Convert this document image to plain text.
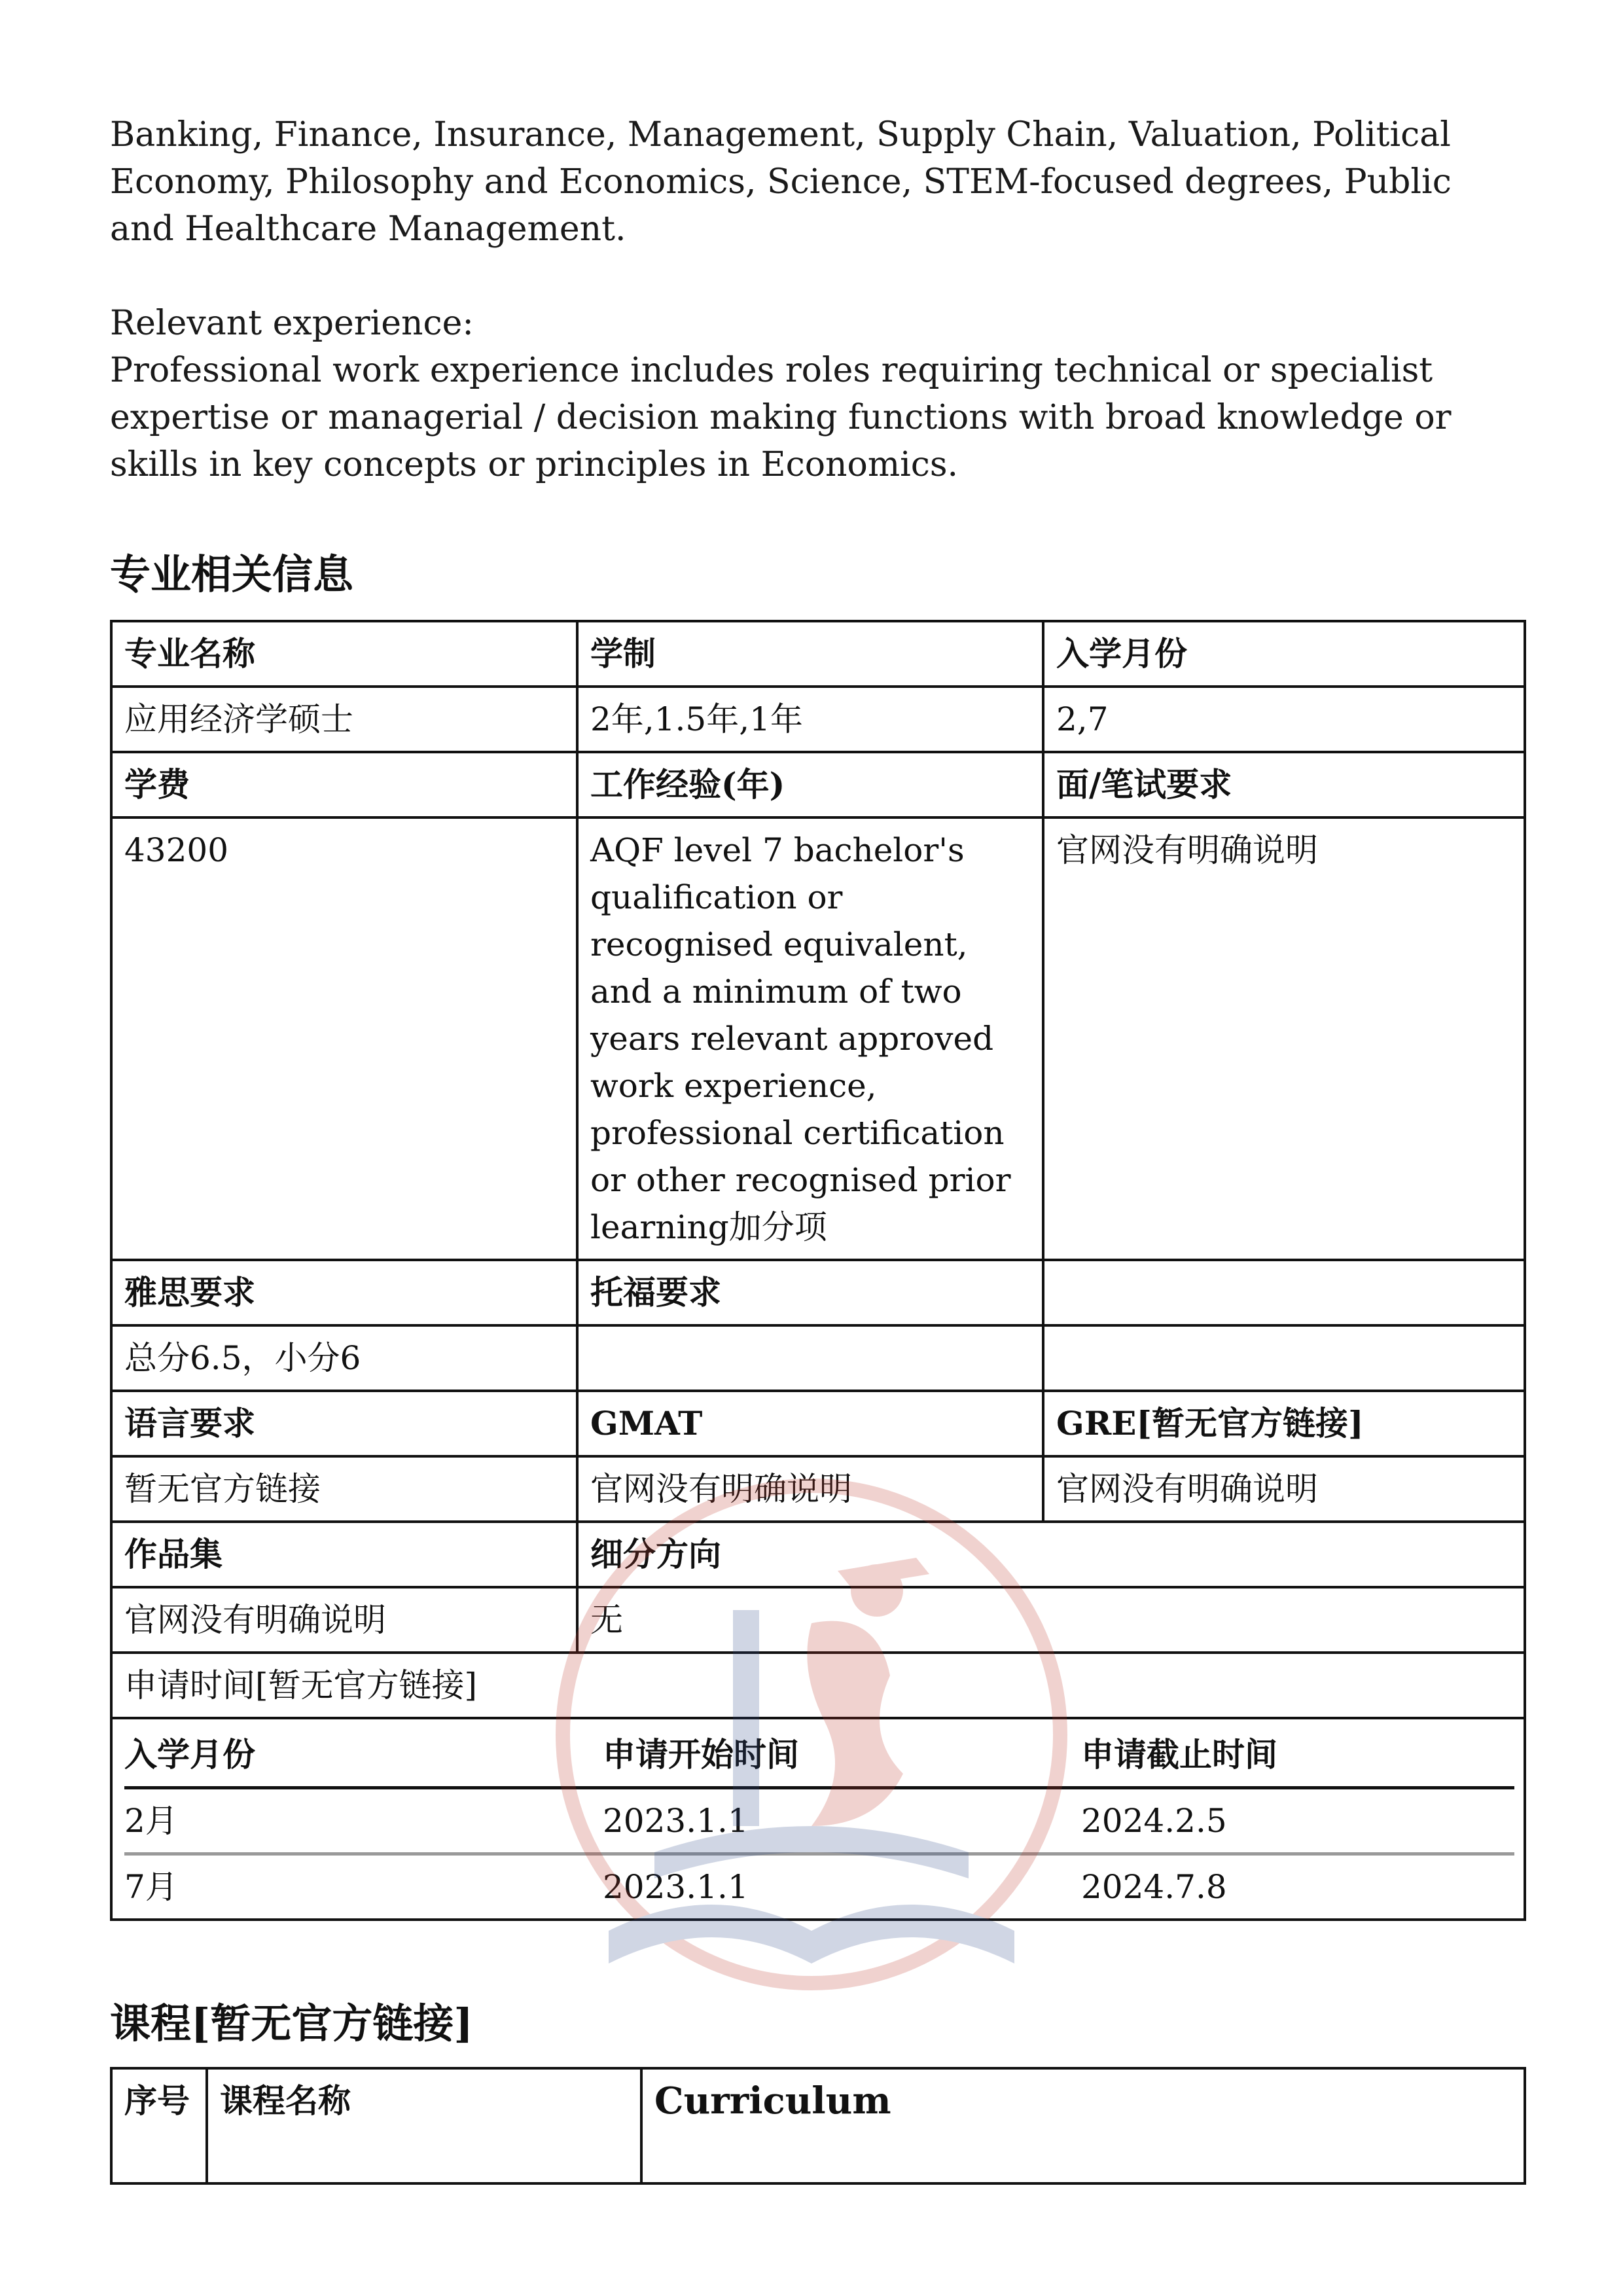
Banking, Finance, Insurance, Management, Supply Chain, Valuation, Political Economy, Philosophy and Economics, Science, STEM-focused degrees, Public and Healthcare Management.

Relevant experience:

Professional work experience includes roles requiring technical or specialist expertise or managerial / decision making functions with broad knowledge or skills in key concepts or principles in Economics.

专业相关信息
专业名称	学制	入学月份
应用经济学硕士	2年,1.5年,1年	2,7
学费	工作经验(年)	面/笔试要求
43200	AQF level 7 bachelor's qualification or recognised equivalent, and a minimum of two years relevant approved work experience, professional certification or other recognised prior learning加分项	官网没有明确说明
雅思要求	托福要求	
总分6.5，小分6		
语言要求	GMAT	GRE[暂无官方链接]
暂无官方链接	官网没有明确说明	官网没有明确说明
作品集	细分方向
官网没有明确说明	无
申请时间[暂无官方链接]

入学月份	申请开始时间	申请截止时间
2月	2023.1.1	2024.2.5
7月	2023.1.1	2024.7.8
课程[暂无官方链接]
序号	课程名称	Curriculum
